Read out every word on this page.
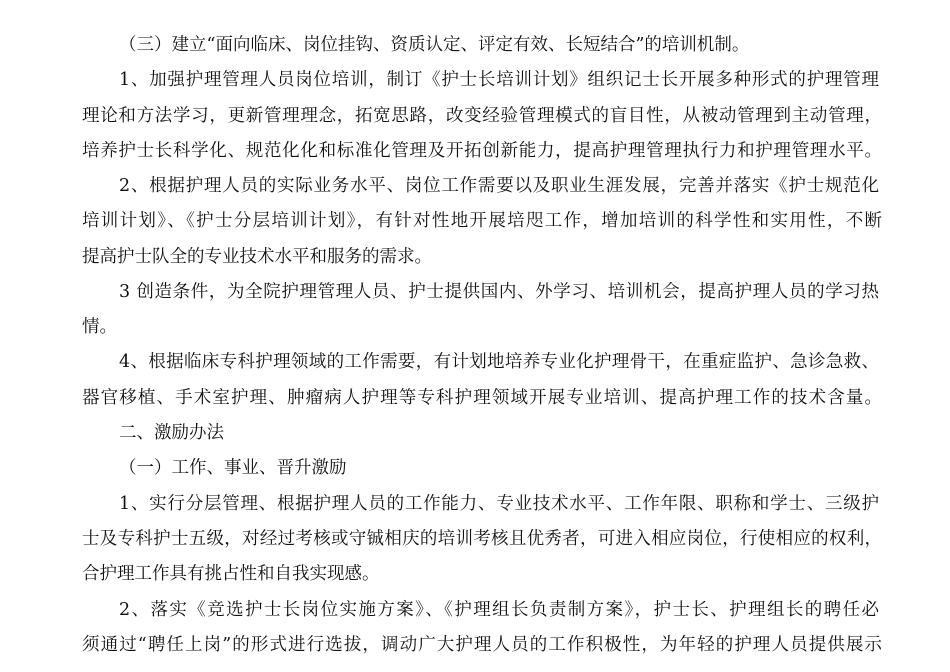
（三）建立“面向临床、岗位挂钩、资质认定、评定有效、长短结合”的培训机制。
1、加强护理管理人员岗位培训，制订《护士长培训计划》组织记士长开展多种形式的护理管理
理论和方法学习，更新管理理念，拓宽思路，改变经验管理模式的盲目性，从被动管理到主动管理，
培养护士长科学化、规范化化和标准化管理及开拓创新能力，提高护理管理执行力和护理管理水平。
2、根据护理人员的实际业务水平、岗位工作需要以及职业生涯发展，完善并落实《护士规范化
培训计划》、《护士分层培训计划》，有针对性地开展培咫工作，增加培训的科学性和实用性，不断
提高护士队全的专业技术水平和服务的需求。
3 创造条件，为全院护理管理人员、护士提供国内、外学习、培训机会，提高护理人员的学习热
情。
4、根据临床专科护理领域的工作需要，有计划地培养专业化护理骨干，在重症监护、急诊急救、
器官移植、手术室护理、肿瘤病人护理等专科护理领域开展专业培训、提高护理工作的技术含量。
二、激励办法
（一）工作、事业、晋升激励
1、实行分层管理、根据护理人员的工作能力、专业技术水平、工作年限、职称和学士、三级护
士及专科护士五级，对经过考核或守铖相庆的培训考核且优秀者，可进入相应岗位，行使相应的权利，
合护理工作具有挑占性和自我实现感。
2、落实《竞选护士长岗位实施方案》、《护理组长负责制方案》，护士长、护理组长的聘任必
须通过“聘任上岗”的形式进行选拔，调动广大护理人员的工作积极性，为年轻的护理人员提供展示
